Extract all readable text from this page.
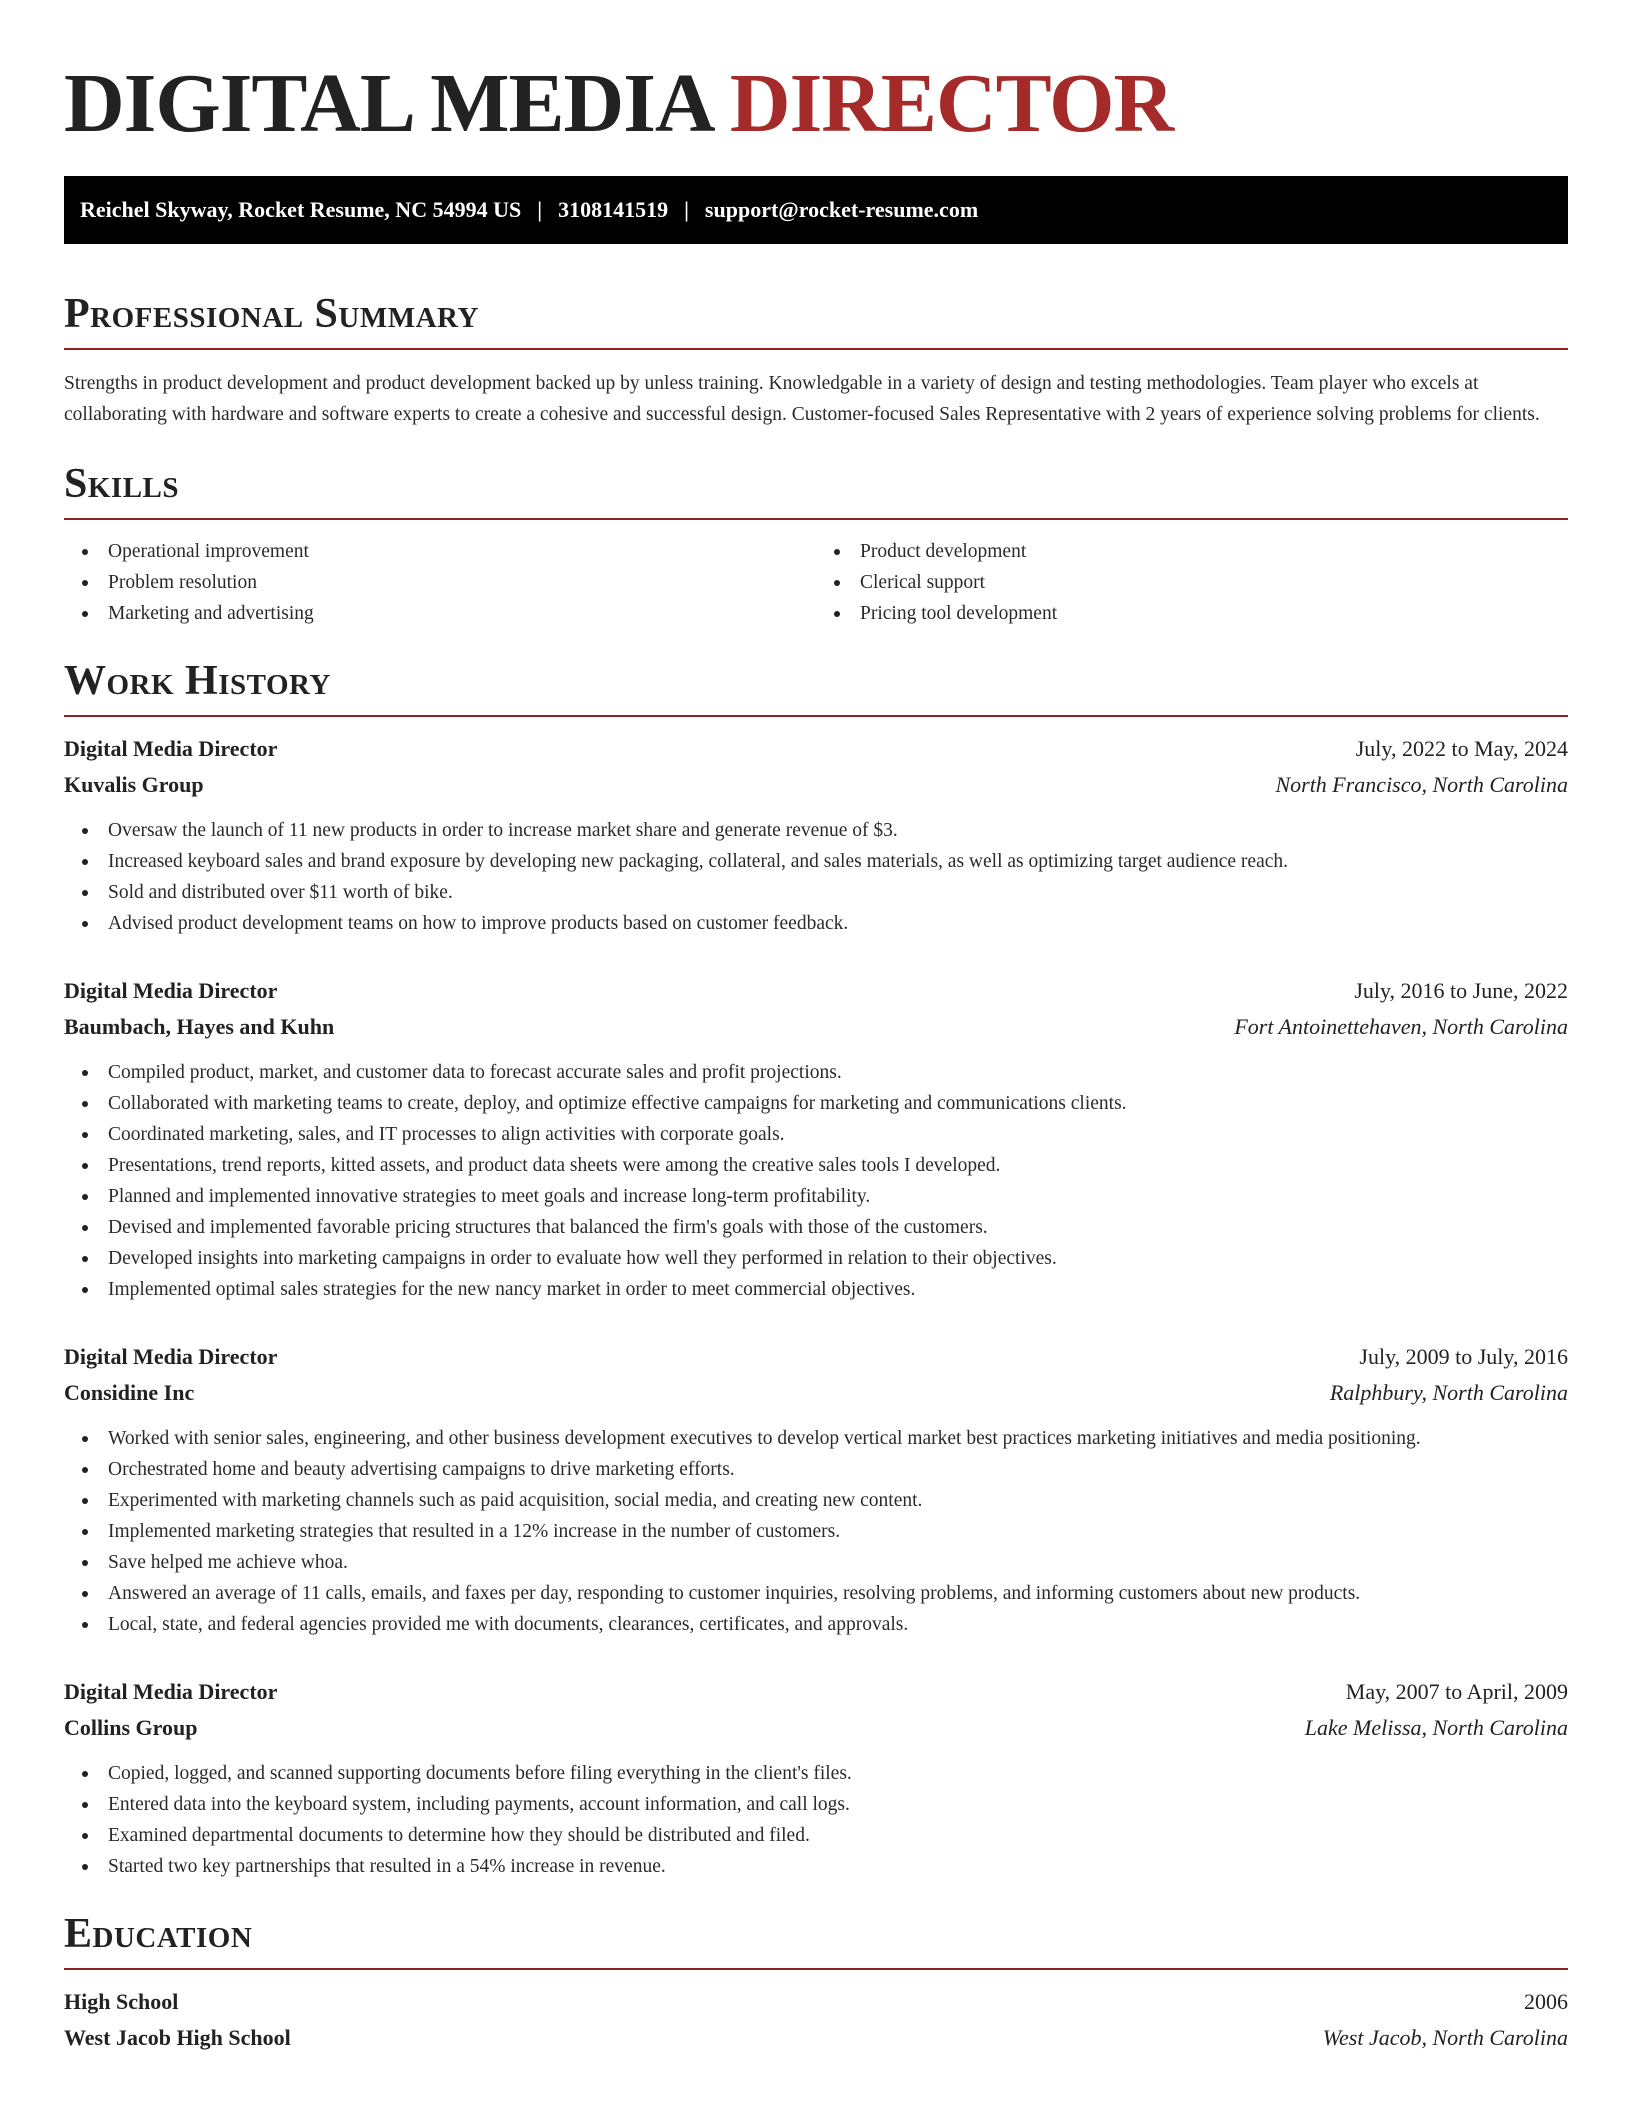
DIGITAL MEDIA DIRECTOR
Reichel Skyway, Rocket Resume, NC 54994 US | 3108141519 | support@rocket-resume.com
Professional Summary

Strengths in product development and product development backed up by unless training. Knowledgable in a variety of design and testing methodologies. Team player who excels at collaborating with hardware and software experts to create a cohesive and successful design. Customer-focused Sales Representative with 2 years of experience solving problems for clients.

Skills
Operational improvement
Problem resolution
Marketing and advertising
Product development
Clerical support
Pricing tool development
Work History
Digital Media Director	July, 2022 to May, 2024
Kuvalis Group	North Francisco, North Carolina
Oversaw the launch of 11 new products in order to increase market share and generate revenue of $3.
Increased keyboard sales and brand exposure by developing new packaging, collateral, and sales materials, as well as optimizing target audience reach.
Sold and distributed over $11 worth of bike.
Advised product development teams on how to improve products based on customer feedback.
Digital Media Director	July, 2016 to June, 2022
Baumbach, Hayes and Kuhn	Fort Antoinettehaven, North Carolina
Compiled product, market, and customer data to forecast accurate sales and profit projections.
Collaborated with marketing teams to create, deploy, and optimize effective campaigns for marketing and communications clients.
Coordinated marketing, sales, and IT processes to align activities with corporate goals.
Presentations, trend reports, kitted assets, and product data sheets were among the creative sales tools I developed.
Planned and implemented innovative strategies to meet goals and increase long-term profitability.
Devised and implemented favorable pricing structures that balanced the firm's goals with those of the customers.
Developed insights into marketing campaigns in order to evaluate how well they performed in relation to their objectives.
Implemented optimal sales strategies for the new nancy market in order to meet commercial objectives.
Digital Media Director	July, 2009 to July, 2016
Considine Inc	Ralphbury, North Carolina
Worked with senior sales, engineering, and other business development executives to develop vertical market best practices marketing initiatives and media positioning.
Orchestrated home and beauty advertising campaigns to drive marketing efforts.
Experimented with marketing channels such as paid acquisition, social media, and creating new content.
Implemented marketing strategies that resulted in a 12% increase in the number of customers.
Save helped me achieve whoa.
Answered an average of 11 calls, emails, and faxes per day, responding to customer inquiries, resolving problems, and informing customers about new products.
Local, state, and federal agencies provided me with documents, clearances, certificates, and approvals.
Digital Media Director	May, 2007 to April, 2009
Collins Group	Lake Melissa, North Carolina
Copied, logged, and scanned supporting documents before filing everything in the client's files.
Entered data into the keyboard system, including payments, account information, and call logs.
Examined departmental documents to determine how they should be distributed and filed.
Started two key partnerships that resulted in a 54% increase in revenue.
Education
High School	2006
West Jacob High School	West Jacob, North Carolina
